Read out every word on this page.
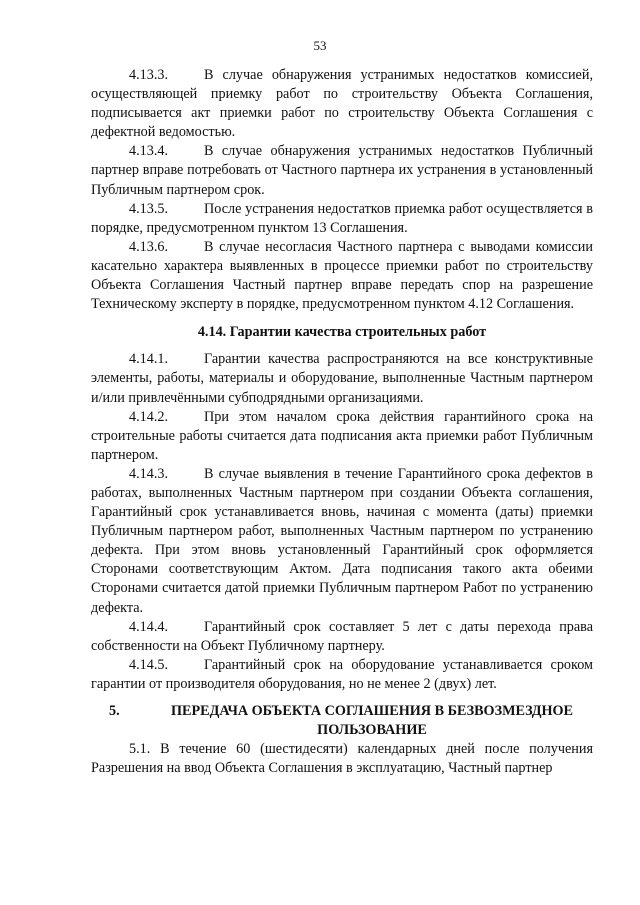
53

4.13.3.	В случае обнаружения устранимых недостатков комиссией, осуществляющей приемку работ по строительству Объекта Соглашения, подписывается акт приемки работ по строительству Объекта Соглашения с дефектной ведомостью.

4.13.4.	В случае обнаружения устранимых недостатков Публичный партнер вправе потребовать от Частного партнера их устранения в установленный Публичным партнером срок.

4.13.5.	После устранения недостатков приемка работ осуществляется в порядке, предусмотренном пунктом 13 Соглашения.

4.13.6.	В случае несогласия Частного партнера с выводами комиссии касательно характера выявленных в процессе приемки работ по строительству Объекта Соглашения Частный партнер вправе передать спор на разрешение Техническому эксперту в порядке, предусмотренном пунктом 4.12 Соглашения.

4.14. Гарантии качества строительных работ

4.14.1.	Гарантии качества распространяются на все конструктивные элементы, работы, материалы и оборудование, выполненные Частным партнером и/или привлечёнными субподрядными организациями.

4.14.2.	При этом началом срока действия гарантийного срока на строительные работы считается дата подписания акта приемки работ Публичным партнером.

4.14.3.	В случае выявления в течение Гарантийного срока дефектов в работах, выполненных Частным партнером при создании Объекта соглашения, Гарантийный срок устанавливается вновь, начиная с момента (даты) приемки Публичным партнером работ, выполненных Частным партнером по устранению дефекта. При этом вновь установленный Гарантийный срок оформляется Сторонами соответствующим Актом. Дата подписания такого акта обеими Сторонами считается датой приемки Публичным партнером Работ по устранению дефекта.

4.14.4.	Гарантийный срок составляет 5 лет с даты перехода права собственности на Объект Публичному партнеру.

4.14.5.	Гарантийный срок на оборудование устанавливается сроком гарантии от производителя оборудования, но не менее 2 (двух) лет.

5.	ПЕРЕДАЧА ОБЪЕКТА СОГЛАШЕНИЯ В БЕЗВОЗМЕЗДНОЕ ПОЛЬЗОВАНИЕ

5.1. В течение 60 (шестидесяти) календарных дней после получения Разрешения на ввод Объекта Соглашения в эксплуатацию, Частный партнер
